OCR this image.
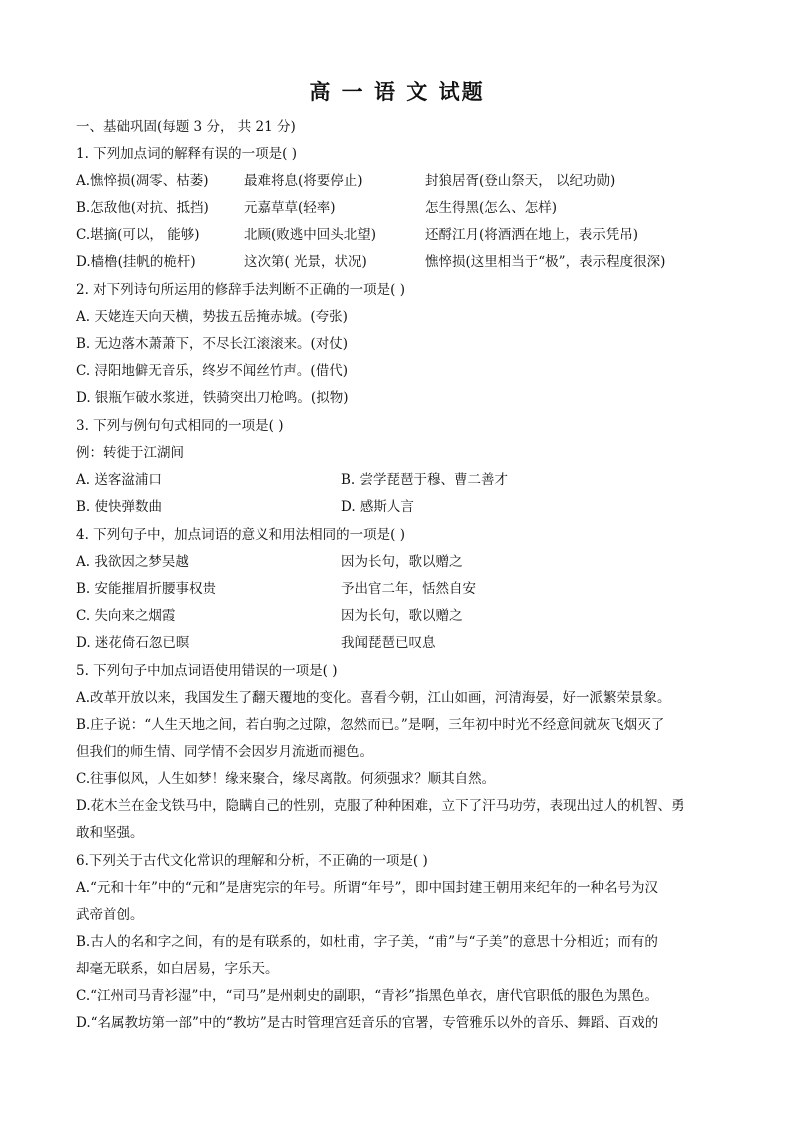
高 一 语 文 试题
一、基础巩固(每题 3 分， 共 21 分)
1. 下列加点词的解释有误的一项是( )
A.憔悴损(凋零、枯萎)	最难将息(将要停止)	封狼居胥(登山祭天， 以纪功勋)
B.怎敌他(对抗、抵挡)	元嘉草草(轻率)	怎生得黑(怎么、怎样)
C.堪摘(可以， 能够)	北顾(败逃中回头北望)	还酹江月(将酒洒在地上，表示凭吊)
D.樯橹(挂帆的桅杆)	这次第( 光景，状况)	憔悴损(这里相当于“极”，表示程度很深)
2. 对下列诗句所运用的修辞手法判断不正确的一项是( )
A. 天姥连天向天横，势拔五岳掩赤城。(夸张)
B. 无边落木萧萧下，不尽长江滚滚来。(对仗)
C. 浔阳地僻无音乐，终岁不闻丝竹声。(借代)
D. 银瓶乍破水浆迸，铁骑突出刀枪鸣。(拟物)
3. 下列与例句句式相同的一项是( )
例：转徙于江湖间
A. 送客湓浦口	B. 尝学琵琶于穆、曹二善才
B. 使快弹数曲	D. 感斯人言
4. 下列句子中，加点词语的意义和用法相同的一项是( )
A. 我欲因之梦吴越	因为长句，歌以赠之
B. 安能摧眉折腰事权贵	予出官二年，恬然自安
C. 失向来之烟霞	因为长句，歌以赠之
D. 迷花倚石忽已暝	我闻琵琶已叹息
5. 下列句子中加点词语使用错误的一项是( )
A.改革开放以来，我国发生了翻天覆地的变化。喜看今朝，江山如画，河清海晏，好一派繁荣景象。
B.庄子说：“人生天地之间，若白驹之过隙，忽然而已。”是啊，三年初中时光不经意间就灰飞烟灭了
但我们的师生情、同学情不会因岁月流逝而褪色。
C.往事似风，人生如梦！缘来聚合，缘尽离散。何须强求？顺其自然。
D.花木兰在金戈铁马中，隐瞒自己的性别，克服了种种困难，立下了汗马功劳，表现出过人的机智、勇
敢和坚强。
6.下列关于古代文化常识的理解和分析，不正确的一项是( )
A.“元和十年”中的“元和”是唐宪宗的年号。所谓“年号”，即中国封建王朝用来纪年的一种名号为汉
武帝首创。
B.古人的名和字之间，有的是有联系的，如杜甫，字子美，“甫”与“子美”的意思十分相近；而有的
却毫无联系，如白居易，字乐天。
C.“江州司马青衫湿”中，“司马”是州刺史的副职，“青衫”指黑色单衣，唐代官职低的服色为黑色。
D.“名属教坊第一部”中的“教坊”是古时管理宫廷音乐的官署，专管雅乐以外的音乐、舞蹈、百戏的
